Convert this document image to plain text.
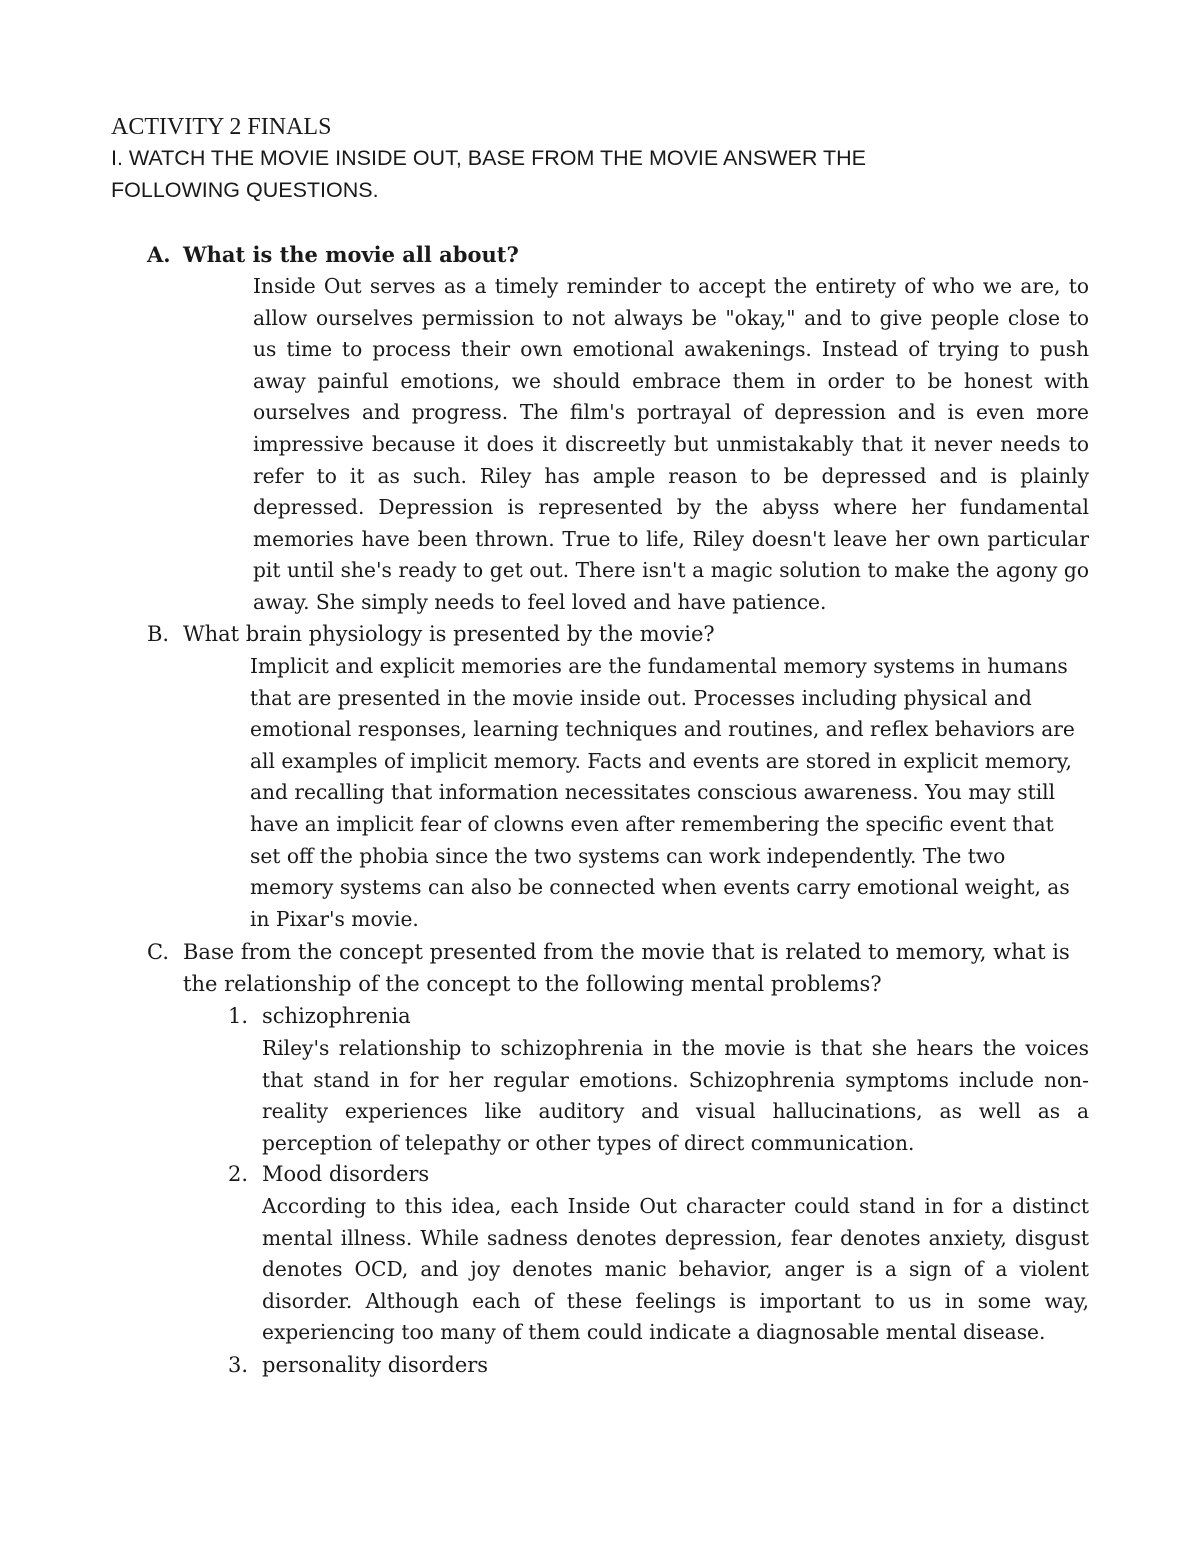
ACTIVITY 2 FINALS
I. WATCH THE MOVIE INSIDE OUT, BASE FROM THE MOVIE ANSWER THE FOLLOWING QUESTIONS.
A. What is the movie all about?
Inside Out serves as a timely reminder to accept the entirety of who we are, to allow ourselves permission to not always be "okay," and to give people close to us time to process their own emotional awakenings. Instead of trying to push away painful emotions, we should embrace them in order to be honest with ourselves and progress. The film's portrayal of depression and is even more impressive because it does it discreetly but unmistakably that it never needs to refer to it as such. Riley has ample reason to be depressed and is plainly depressed. Depression is represented by the abyss where her fundamental memories have been thrown. True to life, Riley doesn't leave her own particular pit until she's ready to get out. There isn't a magic solution to make the agony go away. She simply needs to feel loved and have patience.
B. What brain physiology is presented by the movie?
Implicit and explicit memories are the fundamental memory systems in humans that are presented in the movie inside out. Processes including physical and emotional responses, learning techniques and routines, and reflex behaviors are all examples of implicit memory. Facts and events are stored in explicit memory, and recalling that information necessitates conscious awareness. You may still have an implicit fear of clowns even after remembering the specific event that set off the phobia since the two systems can work independently. The two memory systems can also be connected when events carry emotional weight, as in Pixar's movie.
C. Base from the concept presented from the movie that is related to memory, what is the relationship of the concept to the following mental problems?
1. schizophrenia
Riley's relationship to schizophrenia in the movie is that she hears the voices that stand in for her regular emotions. Schizophrenia symptoms include non-reality experiences like auditory and visual hallucinations, as well as a perception of telepathy or other types of direct communication.
2. Mood disorders
According to this idea, each Inside Out character could stand in for a distinct mental illness. While sadness denotes depression, fear denotes anxiety, disgust denotes OCD, and joy denotes manic behavior, anger is a sign of a violent disorder. Although each of these feelings is important to us in some way, experiencing too many of them could indicate a diagnosable mental disease.
3. personality disorders
